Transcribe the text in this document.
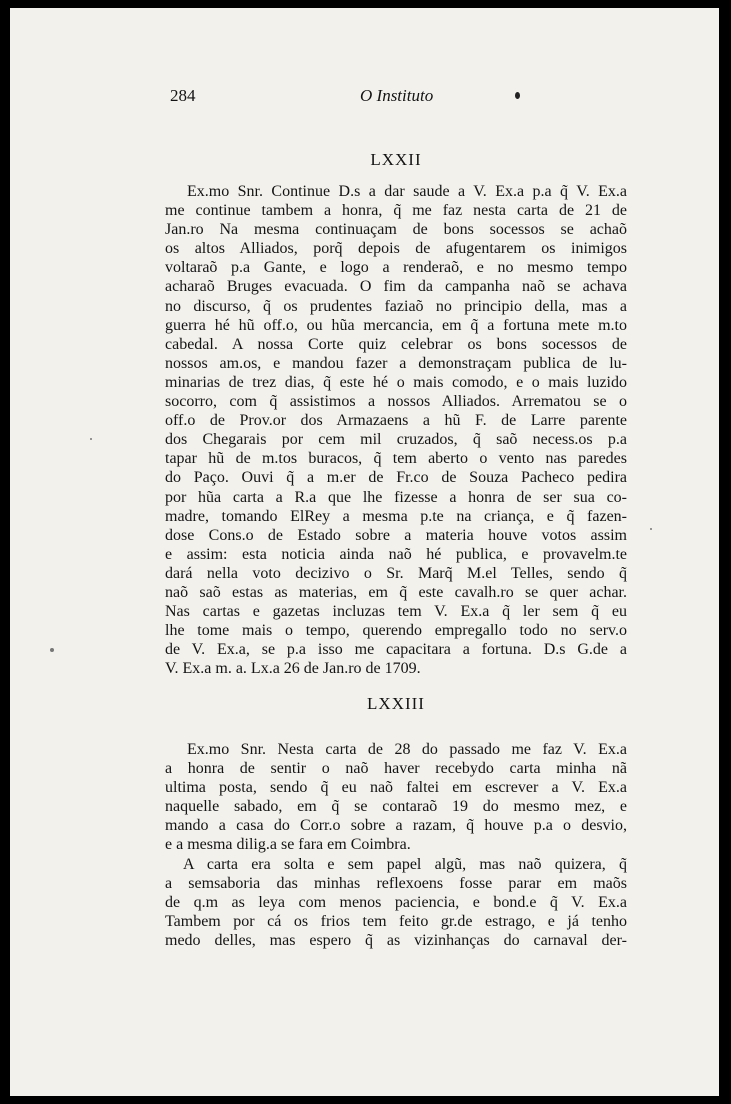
284	O Instituto
LXXII
Ex.mo Snr. Continue D.s a dar saude a V. Ex.a p.a q̃ V. Ex.a
me continue tambem a honra, q̃ me faz nesta carta de 21 de
Jan.ro Na mesma continuaçam de bons socessos se achaõ
os altos Alliados, porq̃ depois de afugentarem os inimigos
voltaraõ p.a Gante, e logo a renderaõ, e no mesmo tempo
acharaõ Bruges evacuada. O fim da campanha naõ se achava
no discurso, q̃ os prudentes faziaõ no principio della, mas a
guerra hé hũ off.o, ou hũa mercancia, em q̃ a fortuna mete m.to
cabedal. A nossa Corte quiz celebrar os bons socessos de
nossos am.os, e mandou fazer a demonstraçam publica de lu-
minarias de trez dias, q̃ este hé o mais comodo, e o mais luzido
socorro, com q̃ assistimos a nossos Alliados. Arrematou se o
off.o de Prov.or dos Armazaens a hũ F. de Larre parente
dos Chegarais por cem mil cruzados, q̃ saõ necess.os p.a
tapar hũ de m.tos buracos, q̃ tem aberto o vento nas paredes
do Paço. Ouvi q̃ a m.er de Fr.co de Souza Pacheco pedira
por hũa carta a R.a que lhe fizesse a honra de ser sua co-
madre, tomando ElRey a mesma p.te na criança, e q̃ fazen-
dose Cons.o de Estado sobre a materia houve votos assim
e assim: esta noticia ainda naõ hé publica, e provavelm.te
dará nella voto decizivo o Sr. Marq̃ M.el Telles, sendo q̃
naõ saõ estas as materias, em q̃ este cavalh.ro se quer achar.
Nas cartas e gazetas incluzas tem V. Ex.a q̃ ler sem q̃ eu
lhe tome mais o tempo, querendo empregallo todo no serv.o
de V. Ex.a, se p.a isso me capacitara a fortuna. D.s G.de a
V. Ex.a m. a. Lx.a 26 de Jan.ro de 1709.
LXXIII
Ex.mo Snr. Nesta carta de 28 do passado me faz V. Ex.a
a honra de sentir o naõ haver recebydo carta minha nã
ultima posta, sendo q̃ eu naõ faltei em escrever a V. Ex.a
naquelle sabado, em q̃ se contaraõ 19 do mesmo mez, e
mando a casa do Corr.o sobre a razam, q̃ houve p.a o desvio,
e a mesma dilig.a se fara em Coimbra.
A carta era solta e sem papel algũ, mas naõ quizera, q̃
a semsaboria das minhas reflexoens fosse parar em maõs
de q.m as leya com menos paciencia, e bond.e q̃ V. Ex.a
Tambem por cá os frios tem feito gr.de estrago, e já tenho
medo delles, mas espero q̃ as vizinhanças do carnaval der-
